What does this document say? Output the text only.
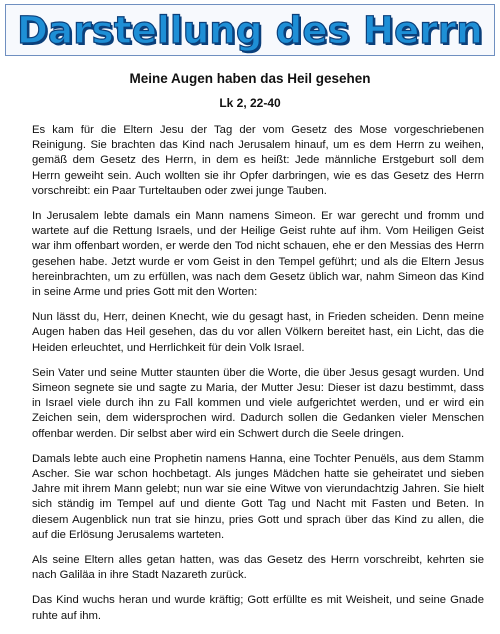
Darstellung des Herrn
Meine Augen haben das Heil gesehen
Lk 2, 22-40

Es kam für die Eltern Jesu der Tag der vom Gesetz des Mose vorgeschriebenen Reinigung. Sie brachten das Kind nach Jerusalem hinauf, um es dem Herrn zu weihen, gemäß dem Gesetz des Herrn, in dem es heißt: Jede männliche Erstgeburt soll dem Herrn geweiht sein. Auch wollten sie ihr Opfer darbringen, wie es das Gesetz des Herrn vorschreibt: ein Paar Turteltauben oder zwei junge Tauben.

In Jerusalem lebte damals ein Mann namens Simeon. Er war gerecht und fromm und wartete auf die Rettung Israels, und der Heilige Geist ruhte auf ihm. Vom Heiligen Geist war ihm offenbart worden, er werde den Tod nicht schauen, ehe er den Messias des Herrn gesehen habe. Jetzt wurde er vom Geist in den Tempel geführt; und als die Eltern Jesus hereinbrachten, um zu erfüllen, was nach dem Gesetz üblich war, nahm Simeon das Kind in seine Arme und pries Gott mit den Worten:

Nun lässt du, Herr, deinen Knecht, wie du gesagt hast, in Frieden scheiden. Denn meine Augen haben das Heil gesehen, das du vor allen Völkern bereitet hast, ein Licht, das die Heiden erleuchtet, und Herrlichkeit für dein Volk Israel.

Sein Vater und seine Mutter staunten über die Worte, die über Jesus gesagt wurden. Und Simeon segnete sie und sagte zu Maria, der Mutter Jesu: Dieser ist dazu bestimmt, dass in Israel viele durch ihn zu Fall kommen und viele aufgerichtet werden, und er wird ein Zeichen sein, dem widersprochen wird. Dadurch sollen die Gedanken vieler Menschen offenbar werden. Dir selbst aber wird ein Schwert durch die Seele dringen.

Damals lebte auch eine Prophetin namens Hanna, eine Tochter Penuëls, aus dem Stamm Ascher. Sie war schon hochbetagt. Als junges Mädchen hatte sie geheiratet und sieben Jahre mit ihrem Mann gelebt; nun war sie eine Witwe von vierundachtzig Jahren. Sie hielt sich ständig im Tempel auf und diente Gott Tag und Nacht mit Fasten und Beten. In diesem Augenblick nun trat sie hinzu, pries Gott und sprach über das Kind zu allen, die auf die Erlösung Jerusalems warteten.

Als seine Eltern alles getan hatten, was das Gesetz des Herrn vorschreibt, kehrten sie nach Galiläa in ihre Stadt Nazareth zurück.

Das Kind wuchs heran und wurde kräftig; Gott erfüllte es mit Weisheit, und seine Gnade ruhte auf ihm.
